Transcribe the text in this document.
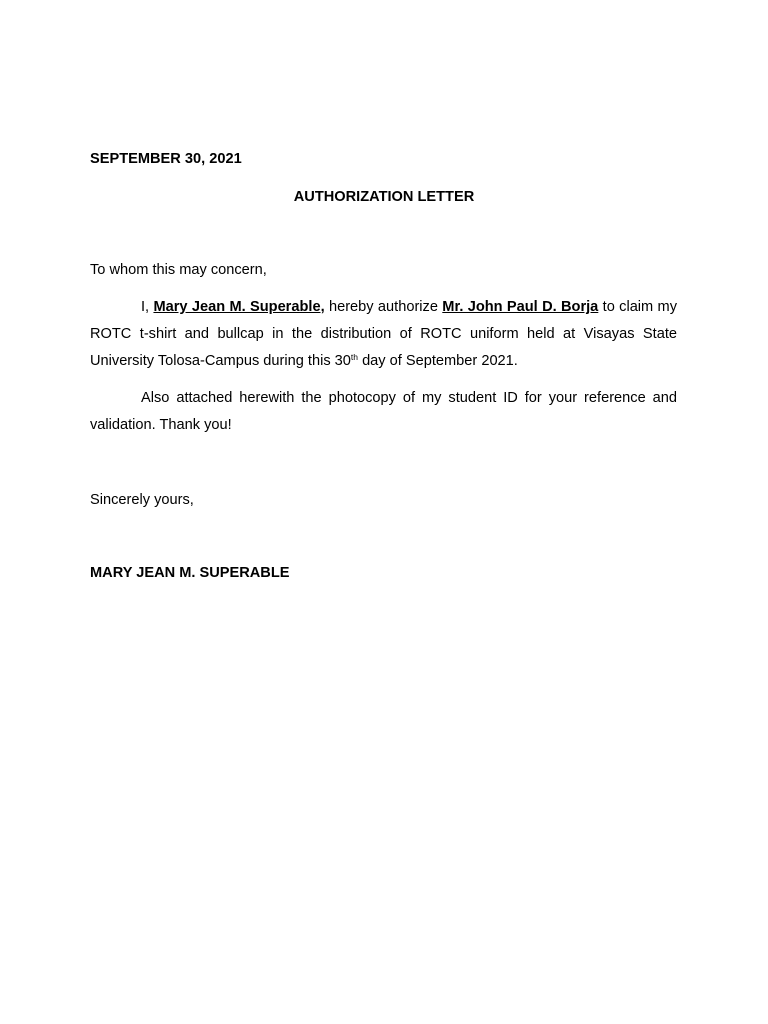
SEPTEMBER 30, 2021

AUTHORIZATION LETTER

To whom this may concern,

I, Mary Jean M. Superable, hereby authorize Mr. John Paul D. Borja to claim my ROTC t-shirt and bullcap in the distribution of ROTC uniform held at Visayas State University Tolosa-Campus during this 30th day of September 2021.

Also attached herewith the photocopy of my student ID for your reference and validation. Thank you!

Sincerely yours,

MARY JEAN M. SUPERABLE
